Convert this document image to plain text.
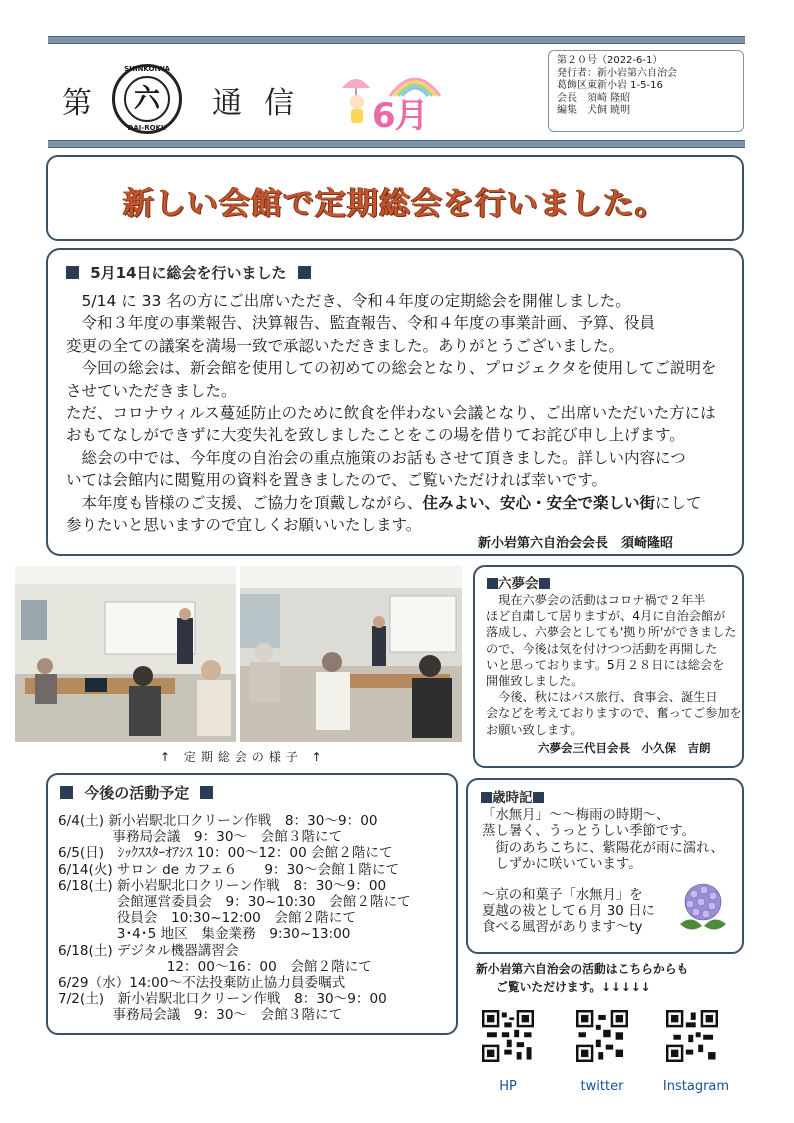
第	通信
SHINKOIWA
六
DAI-ROKU	6月
第２０号（2022-6-1）
発行者：新小岩第六自治会
葛飾区東新小岩 1-5-16
会長　須崎 隆昭
編集　犬飼 暁明
新しい会館で定期総会を行いました。
5月14日に総会を行いました
　5/14 に 33 名の方にご出席いただき、令和４年度の定期総会を開催しました。
　令和３年度の事業報告、決算報告、監査報告、令和４年度の事業計画、予算、役員
変更の全ての議案を満場一致で承認いただきました。ありがとうございました。
　今回の総会は、新会館を使用しての初めての総会となり、プロジェクタを使用してご説明を
させていただきました。
ただ、コロナウィルス蔓延防止のために飲食を伴わない会議となり、ご出席いただいた方には
おもてなしができずに大変失礼を致しましたことをこの場を借りてお詫び申し上げます。
　総会の中では、今年度の自治会の重点施策のお話もさせて頂きました。詳しい内容につ
いては会館内に閲覧用の資料を置きましたので、ご覧いただければ幸いです。
　本年度も皆様のご支援、ご協力を頂戴しながら、住みよい、安心・安全で楽しい街にして
参りたいと思いますので宜しくお願いいたします。
新小岩第六自治会会長　須崎隆昭
↑ 定期総会の様子 ↑
六夢会
　現在六夢会の活動はコロナ禍で２年半
ほど自粛して居りますが、4月に自治会館が
落成し、六夢会としても'拠り所'ができました
ので、今後は気を付けつつ活動を再開した
いと思っております。5月２８日には総会を
開催致しました。
　今後、秋にはバス旅行、食事会、誕生日
会などを考えておりますので、奮ってご参加を
お願い致します。
六夢会三代目会長　小久保　吉朗
今後の活動予定
6/4(土) 新小岩駅北口クリーン作戦　8：30～9：00
　　　　事務局会議　9：30～　会館３階にて
6/5(日)　ｼｯｸｽｽﾀｰｵｱｼｽ 10：00～12：00 会館２階にて
6/14(火) サロン de カフェ６　　9：30～会館１階にて
6/18(土) 新小岩駅北口クリーン作戦　8：30～9：00
　　　　 会館運営委員会　9：30~10:30　会館２階にて
　　　　 役員会　10:30~12:00　会館２階にて
　　　　 3･4･5 地区　集金業務　9:30~13:00
6/18(土) デジタル機器講習会
　　　　　　　　12：00～16：00　会館２階にて
6/29（水）14:00～不法投棄防止協力員委嘱式
7/2(土)　新小岩駅北口クリーン作戦　8：30～9：00
　　　　事務局会議　9：30～　会館３階にて
歳時記
「水無月」～～梅雨の時期～、
蒸し暑く、うっとうしい季節です。
　街のあちこちに、紫陽花が雨に濡れ、
　しずかに咲いています。
～京の和菓子「水無月」を
夏越の祓として６月 30 日に
食べる風習があります～ty
新小岩第六自治会の活動はこちらからも
ご覧いただけます。↓↓↓↓↓
HP	twitter	Instagram
